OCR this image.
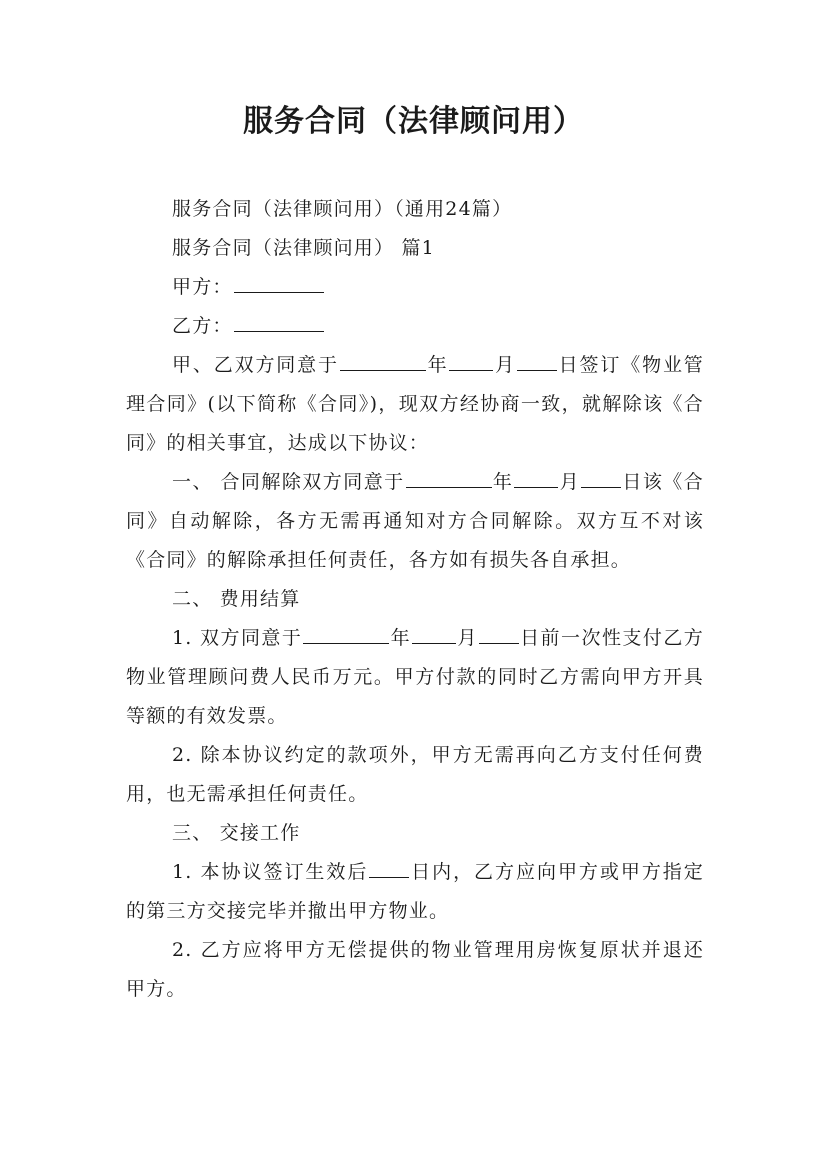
服务合同（法律顾问用）

服务合同（法律顾问用）（通用24篇）

服务合同（法律顾问用） 篇1

甲方：

乙方：

甲、乙双方同意于	年 月 日签订《物业管理合同》(以下简称《合同》)，现双方经协商一致，就解除该《合同》的相关事宜，达成以下协议：

一、 合同解除双方同意于	年 月 日该《合同》自动解除，各方无需再通知对方合同解除。双方互不对该《合同》的解除承担任何责任，各方如有损失各自承担。

二、 费用结算

1. 双方同意于	年 月 日前一次性支付乙方物业管理顾问费人民币万元。甲方付款的同时乙方需向甲方开具等额的有效发票。

2. 除本协议约定的款项外，甲方无需再向乙方支付任何费用，也无需承担任何责任。

三、 交接工作

1. 本协议签订生效后 日内，乙方应向甲方或甲方指定的第三方交接完毕并撤出甲方物业。

2. 乙方应将甲方无偿提供的物业管理用房恢复原状并退还甲方。
